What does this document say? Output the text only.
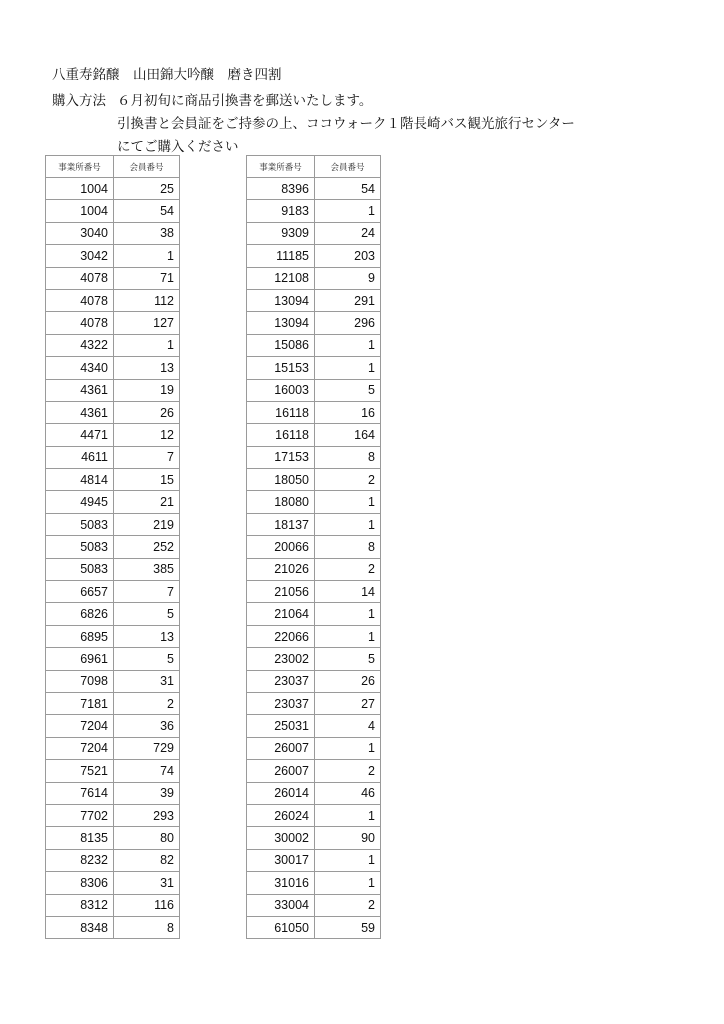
八重寿銘醸　山田錦大吟醸　磨き四割
購入方法 ６月初旬に商品引換書を郵送いたします。
引換書と会員証をご持参の上、ココウォーク１階長崎バス観光旅行センター
にてご購入ください
事業所番号	会員番号
1004	25
1004	54
3040	38
3042	1
4078	71
4078	112
4078	127
4322	1
4340	13
4361	19
4361	26
4471	12
4611	7
4814	15
4945	21
5083	219
5083	252
5083	385
6657	7
6826	5
6895	13
6961	5
7098	31
7181	2
7204	36
7204	729
7521	74
7614	39
7702	293
8135	80
8232	82
8306	31
8312	116
8348	8
事業所番号	会員番号
8396	54
9183	1
9309	24
11185	203
12108	9
13094	291
13094	296
15086	1
15153	1
16003	5
16118	16
16118	164
17153	8
18050	2
18080	1
18137	1
20066	8
21026	2
21056	14
21064	1
22066	1
23002	5
23037	26
23037	27
25031	4
26007	1
26007	2
26014	46
26024	1
30002	90
30017	1
31016	1
33004	2
61050	59
